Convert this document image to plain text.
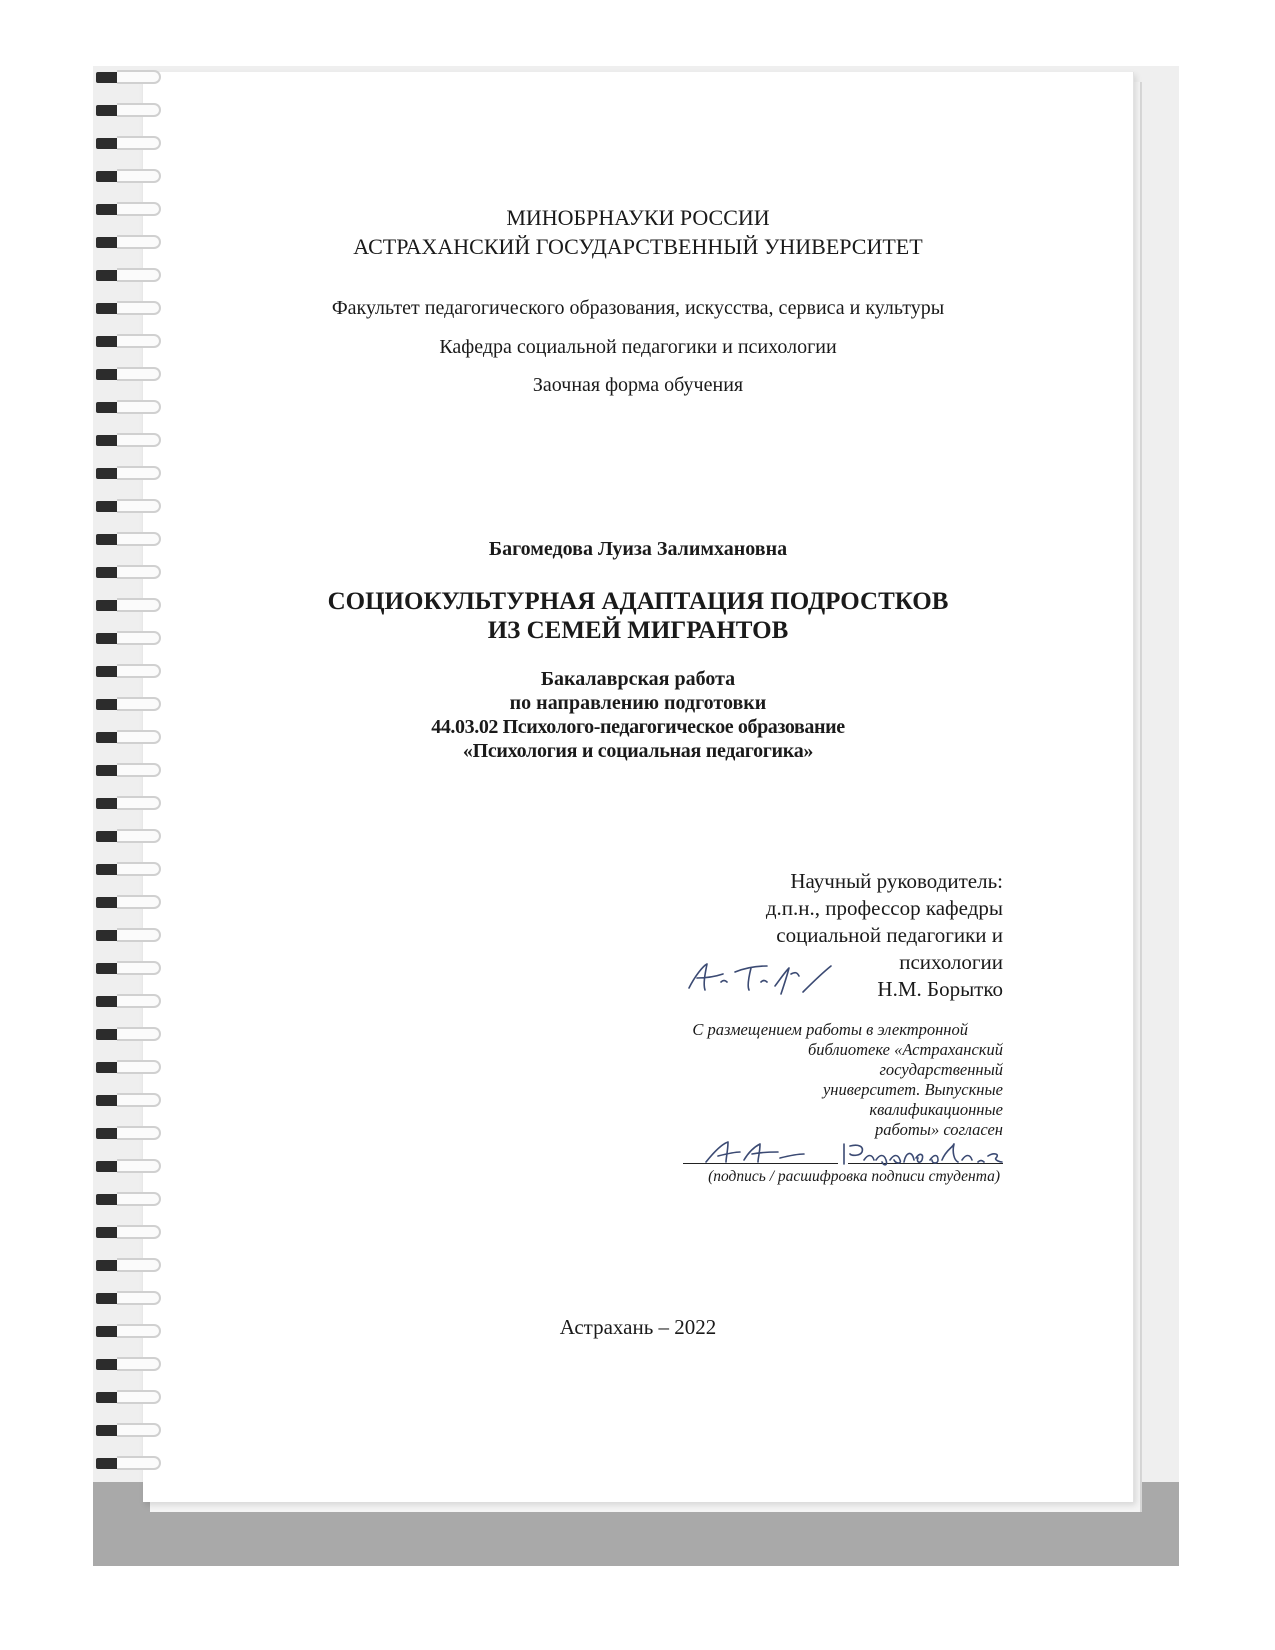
МИНОБРНАУКИ РОССИИ
АСТРАХАНСКИЙ ГОСУДАРСТВЕННЫЙ УНИВЕРСИТЕТ
Факультет педагогического образования, искусства, сервиса и культуры
Кафедра социальной педагогики и психологии
Заочная форма обучения
Багомедова Луиза Залимхановна
СОЦИОКУЛЬТУРНАЯ АДАПТАЦИЯ ПОДРОСТКОВ
ИЗ СЕМЕЙ МИГРАНТОВ
Бакалаврская работа
по направлению подготовки
44.03.02 Психолого-педагогическое образование
«Психология и социальная педагогика»
Научный руководитель:
д.п.н., профессор кафедры
социальной педагогики и
психологии
Н.М. Борытко
С размещением работы в электронной
библиотеке «Астраханский
государственный
университет. Выпускные
квалификационные
работы» согласен
(подпись / расшифровка подписи студента)
Астрахань – 2022
